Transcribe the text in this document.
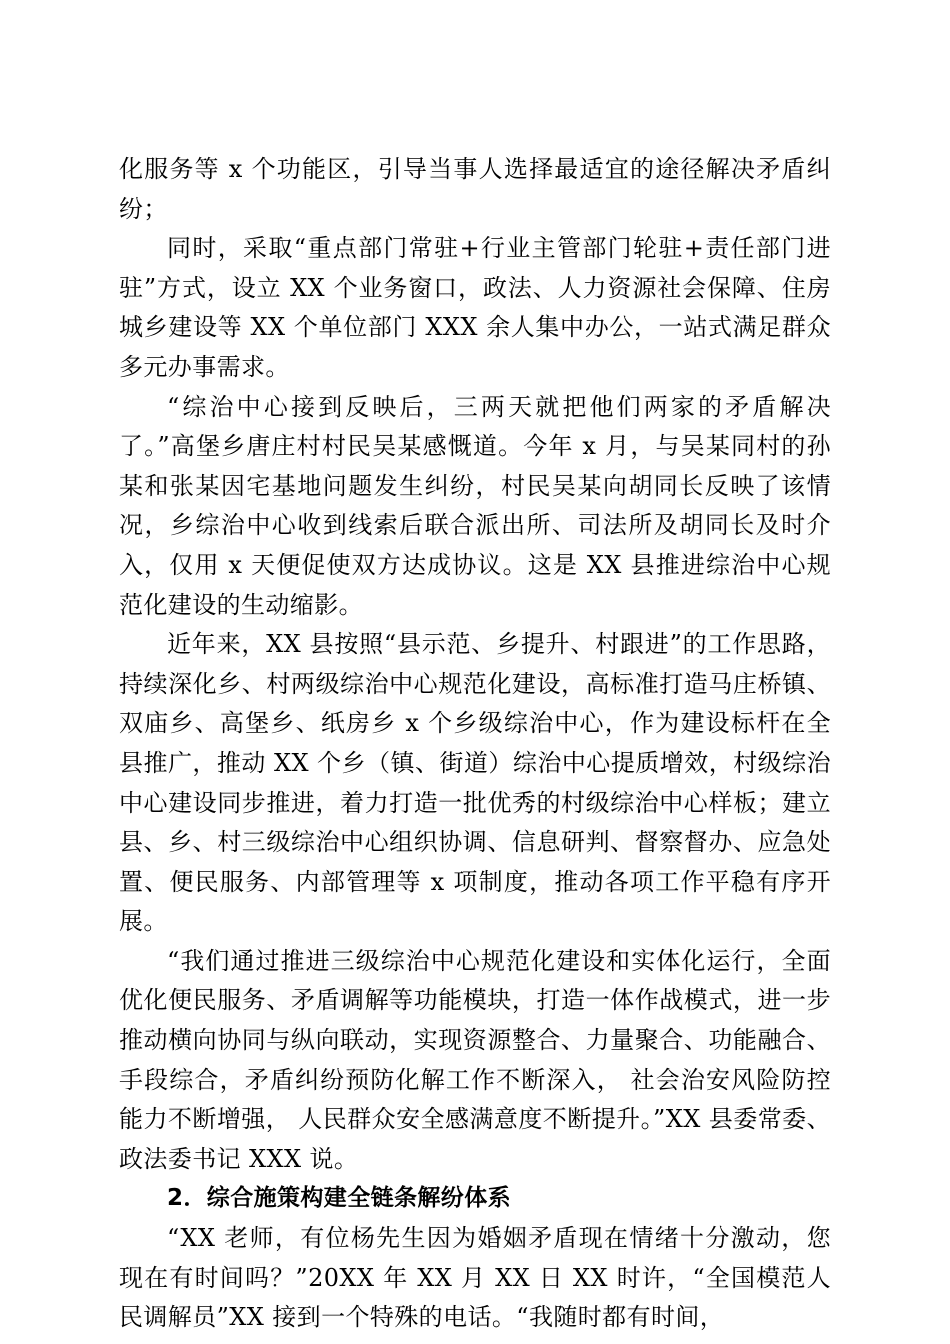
化服务等 x 个功能区，引导当事人选择最适宜的途径解决矛盾纠纷；

同时，采取“重点部门常驻+行业主管部门轮驻+责任部门进驻”方式，设立 XX 个业务窗口，政法、人力资源社会保障、住房城乡建设等 XX 个单位部门 XXX 余人集中办公，一站式满足群众多元办事需求。

“综治中心接到反映后，三两天就把他们两家的矛盾解决了。”高堡乡唐庄村村民吴某感慨道。今年 x 月，与吴某同村的孙某和张某因宅基地问题发生纠纷，村民吴某向胡同长反映了该情况，乡综治中心收到线索后联合派出所、司法所及胡同长及时介入，仅用 x 天便促使双方达成协议。这是 XX 县推进综治中心规范化建设的生动缩影。

近年来，XX 县按照“县示范、乡提升、村跟进”的工作思路，持续深化乡、村两级综治中心规范化建设，高标准打造马庄桥镇、双庙乡、高堡乡、纸房乡 x 个乡级综治中心，作为建设标杆在全县推广，推动 XX 个乡（镇、街道）综治中心提质增效，村级综治中心建设同步推进，着力打造一批优秀的村级综治中心样板；建立县、乡、村三级综治中心组织协调、信息研判、督察督办、应急处置、便民服务、内部管理等 x 项制度，推动各项工作平稳有序开展。

“我们通过推进三级综治中心规范化建设和实体化运行，全面优化便民服务、矛盾调解等功能模块，打造一体作战模式，进一步推动横向协同与纵向联动，实现资源整合、力量聚合、功能融合、手段综合，矛盾纠纷预防化解工作不断深入， 社会治安风险防控能力不断增强， 人民群众安全感满意度不断提升。”XX 县委常委、政法委书记 XXX 说。

2．综合施策构建全链条解纷体系

“XX 老师，有位杨先生因为婚姻矛盾现在情绪十分激动，您现在有时间吗？”20XX 年 XX 月 XX 日 XX 时许，“全国模范人民调解员”XX 接到一个特殊的电话。“我随时都有时间，
